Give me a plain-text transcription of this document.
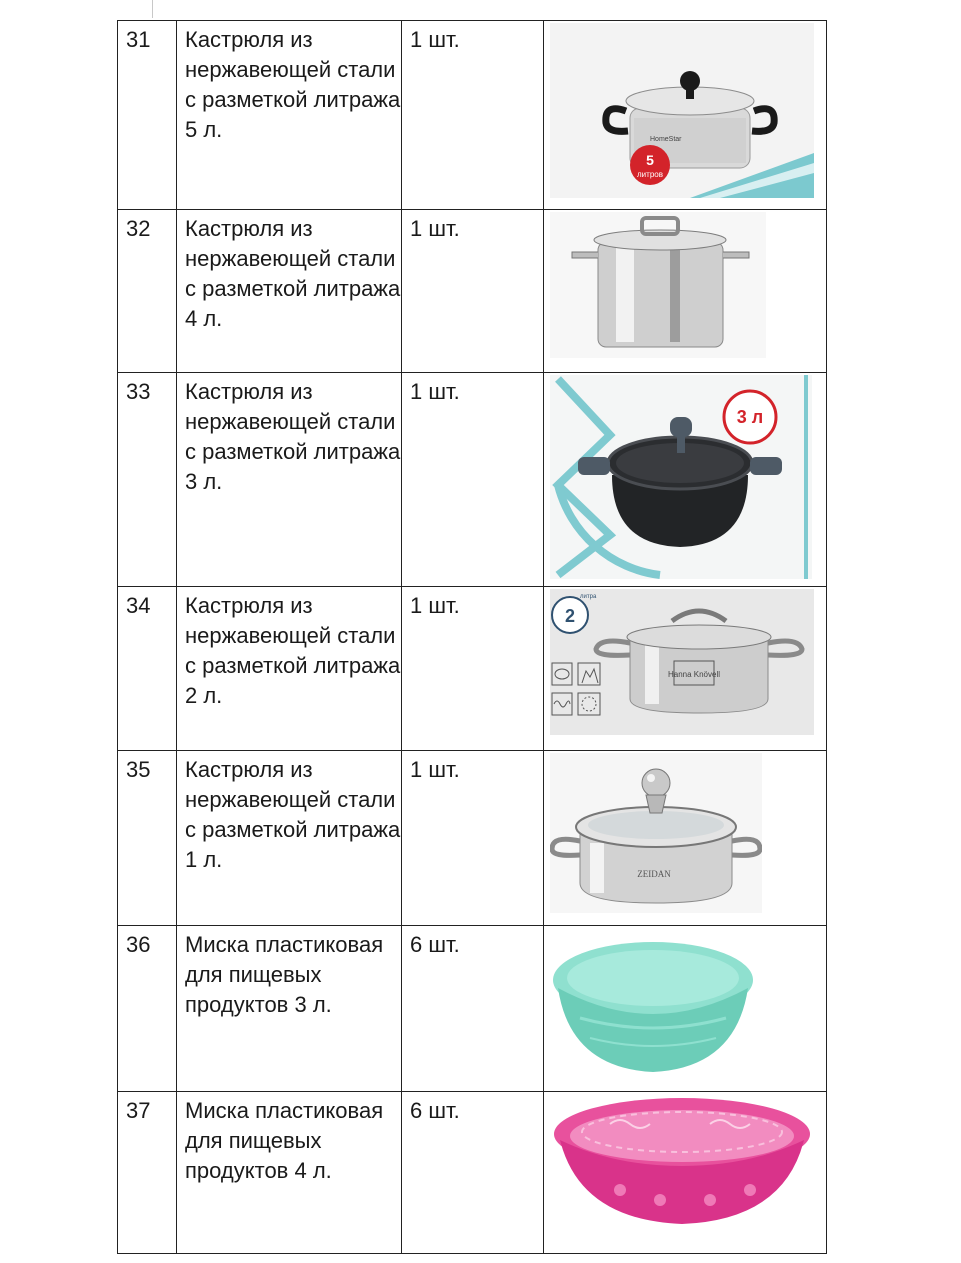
31	Кастрюля из нержавеющей стали с разметкой литража 5 л.	1 шт.	HomeStar
5
литров

32	Кастрюля из нержавеющей стали с разметкой литража 4 л.	1 шт.

33	Кастрюля из нержавеющей стали с разметкой литража 3 л.	1 шт.	3 л

34	Кастрюля из нержавеющей стали с разметкой литража 2 л.	1 шт.	2
литра
Hanna Knövell

35	Кастрюля из нержавеющей стали с разметкой литража 1 л.	1 шт.	ZEIDAN

36	Миска пластиковая для пищевых продуктов 3 л.	6 шт.

37	Миска пластиковая для пищевых продуктов 4 л.	6 шт.
